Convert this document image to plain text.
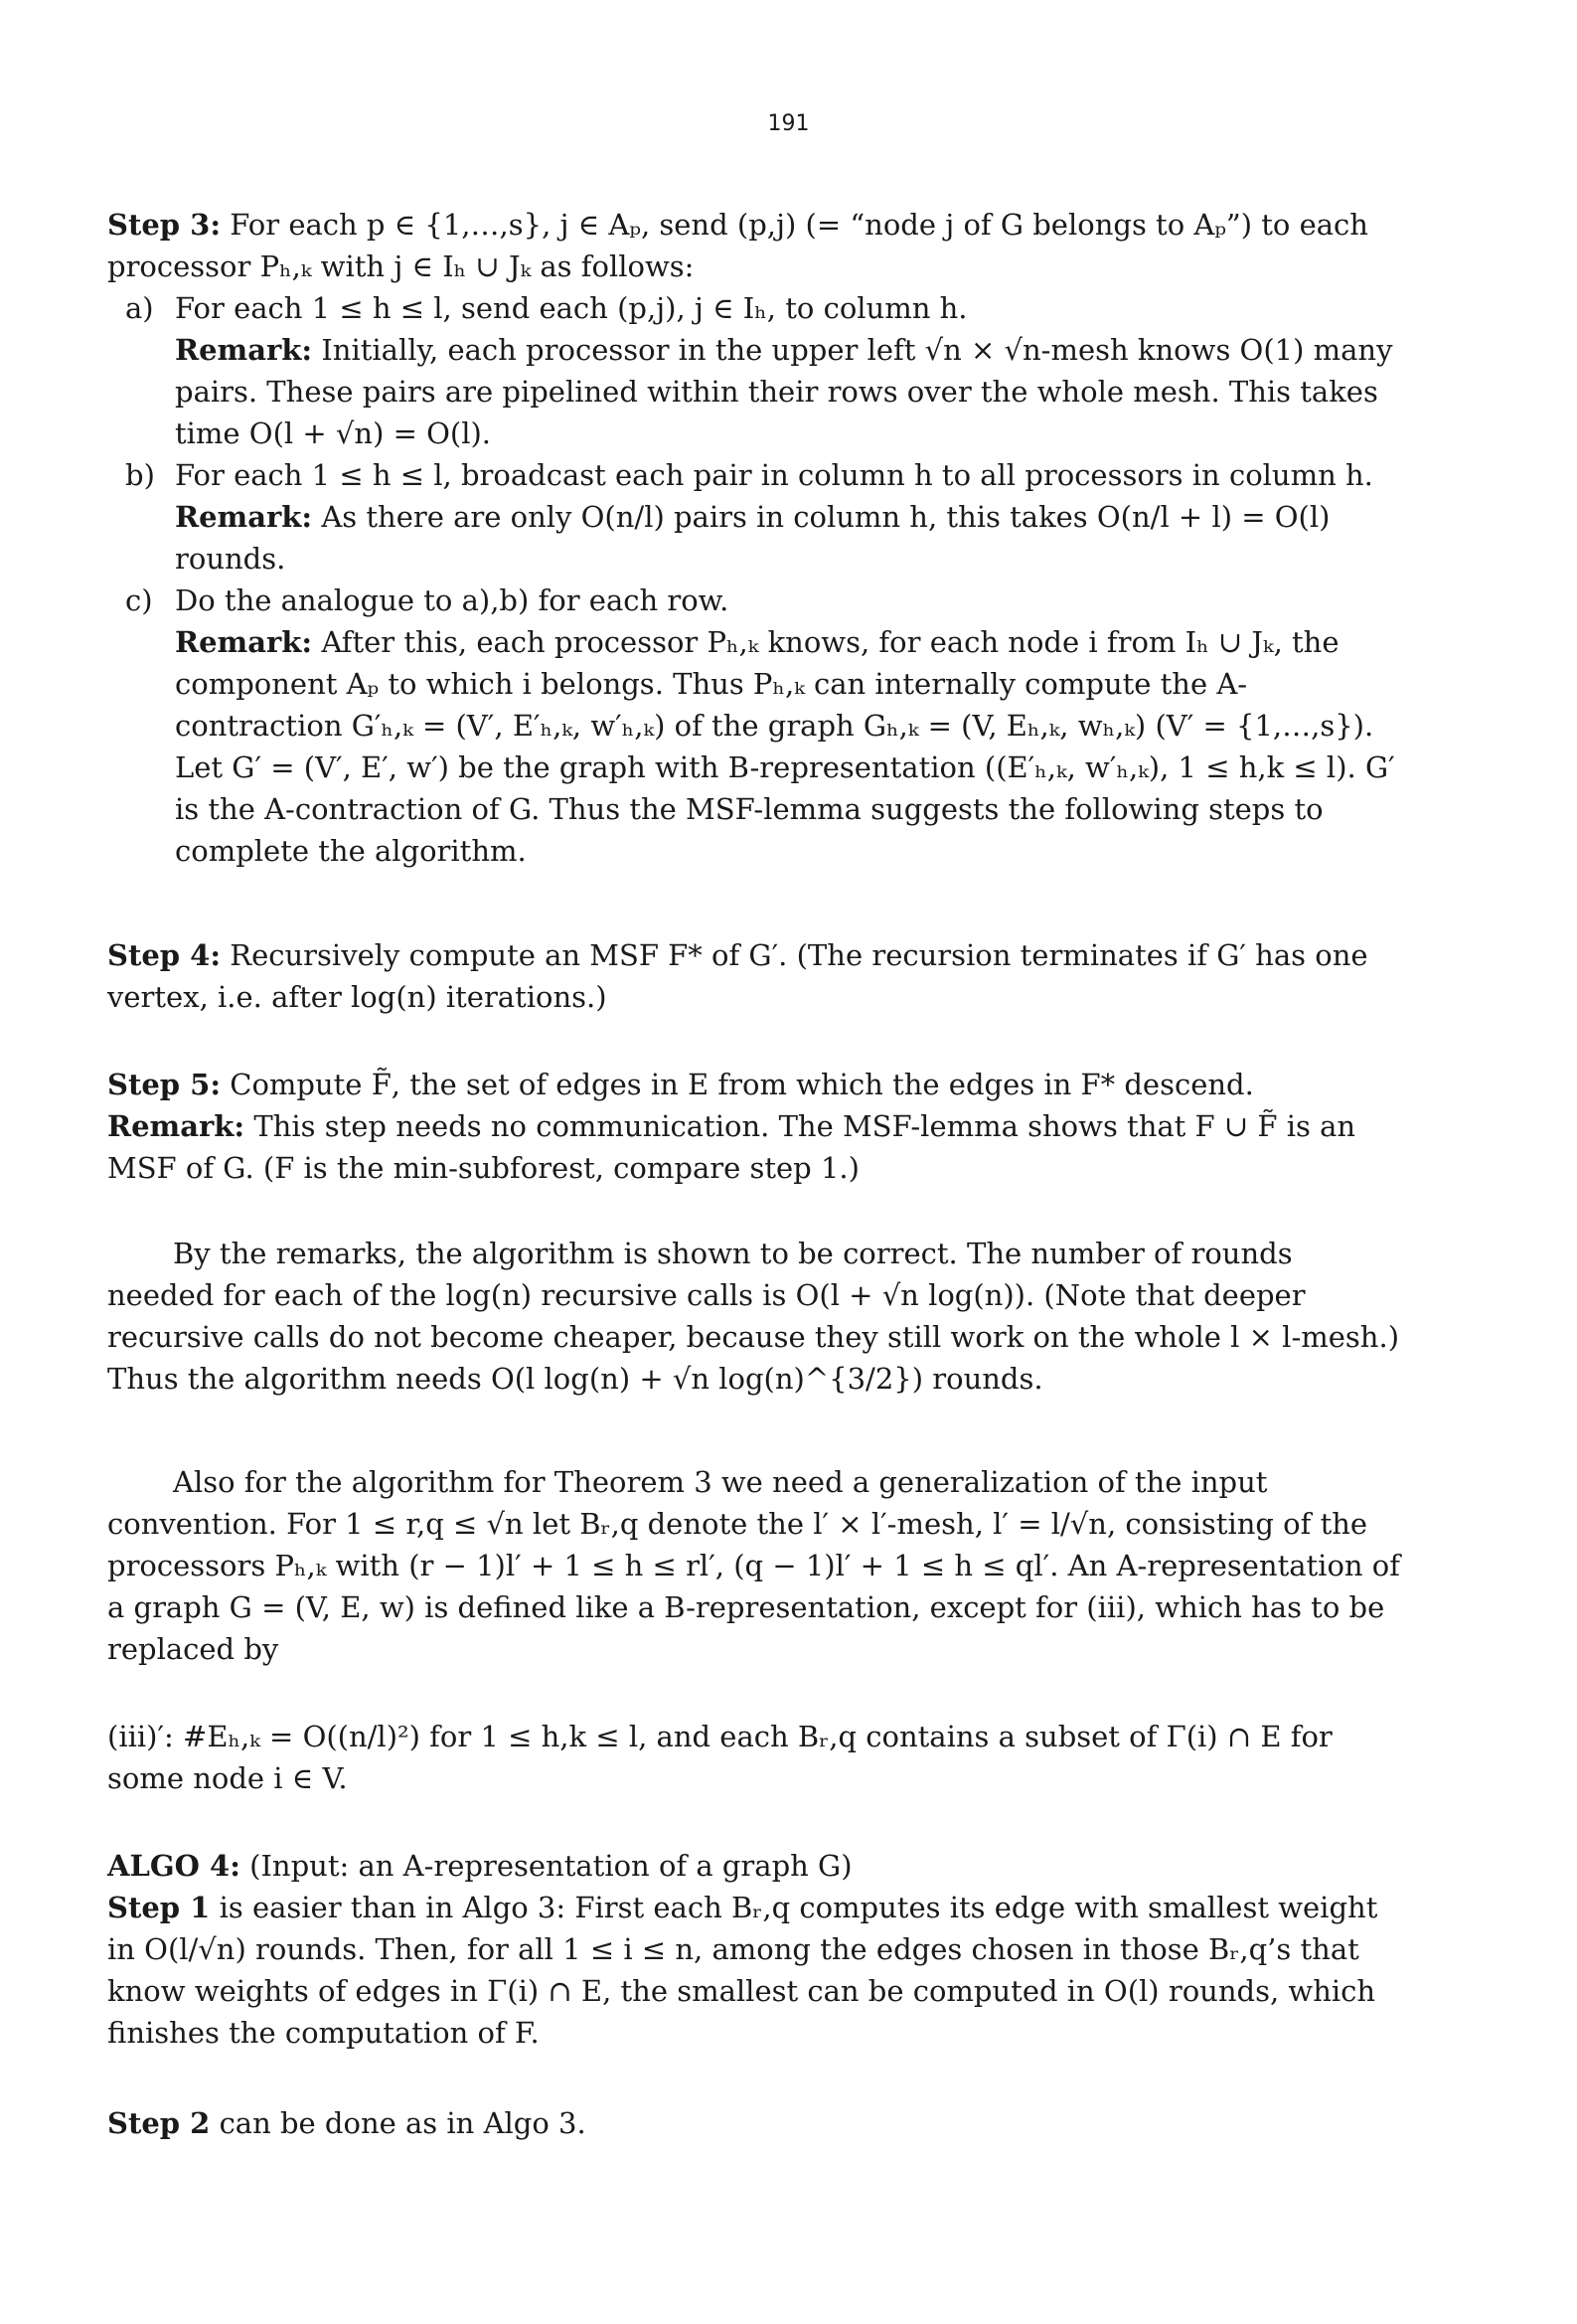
191

Step 3: For each p ∈ {1,…,s}, j ∈ Aₚ, send (p,j) (= “node j of G belongs to Aₚ”) to each processor Pₕ,ₖ with j ∈ Iₕ ∪ Jₖ as follows:

a) For each 1 ≤ h ≤ l, send each (p,j), j ∈ Iₕ, to column h.

Remark: Initially, each processor in the upper left √n × √n-mesh knows O(1) many pairs. These pairs are pipelined within their rows over the whole mesh. This takes time O(l + √n) = O(l).

b) For each 1 ≤ h ≤ l, broadcast each pair in column h to all processors in column h.

Remark: As there are only O(n/l) pairs in column h, this takes O(n/l + l) = O(l) rounds.

c) Do the analogue to a),b) for each row.

Remark: After this, each processor Pₕ,ₖ knows, for each node i from Iₕ ∪ Jₖ, the component Aₚ to which i belongs. Thus Pₕ,ₖ can internally compute the A-contraction G′ₕ,ₖ = (V′, E′ₕ,ₖ, w′ₕ,ₖ) of the graph Gₕ,ₖ = (V, Eₕ,ₖ, wₕ,ₖ) (V′ = {1,…,s}). Let G′ = (V′, E′, w′) be the graph with B-representation ((E′ₕ,ₖ, w′ₕ,ₖ), 1 ≤ h,k ≤ l). G′ is the A-contraction of G. Thus the MSF-lemma suggests the following steps to complete the algorithm.

Step 4: Recursively compute an MSF F* of G′. (The recursion terminates if G′ has one vertex, i.e. after log(n) iterations.)

Step 5: Compute F̃, the set of edges in E from which the edges in F* descend.

Remark: This step needs no communication. The MSF-lemma shows that F ∪ F̃ is an MSF of G. (F is the min-subforest, compare step 1.)

By the remarks, the algorithm is shown to be correct. The number of rounds needed for each of the log(n) recursive calls is O(l + √n log(n)). (Note that deeper recursive calls do not become cheaper, because they still work on the whole l × l-mesh.) Thus the algorithm needs O(l log(n) + √n log(n)^{3/2}) rounds.
Also for the algorithm for Theorem 3 we need a generalization of the input convention. For 1 ≤ r,q ≤ √n let Bᵣ,q denote the l′ × l′-mesh, l′ = l/√n, consisting of the processors Pₕ,ₖ with (r − 1)l′ + 1 ≤ h ≤ rl′, (q − 1)l′ + 1 ≤ h ≤ ql′. An A-representation of a graph G = (V, E, w) is defined like a B-representation, except for (iii), which has to be replaced by
(iii)′: #Eₕ,ₖ = O((n/l)²) for 1 ≤ h,k ≤ l, and each Bᵣ,q contains a subset of Γ(i) ∩ E for some node i ∈ V.

ALGO 4: (Input: an A-representation of a graph G)

Step 1 is easier than in Algo 3: First each Bᵣ,q computes its edge with smallest weight in O(l/√n) rounds. Then, for all 1 ≤ i ≤ n, among the edges chosen in those Bᵣ,q’s that know weights of edges in Γ(i) ∩ E, the smallest can be computed in O(l) rounds, which finishes the computation of F.

Step 2 can be done as in Algo 3.
